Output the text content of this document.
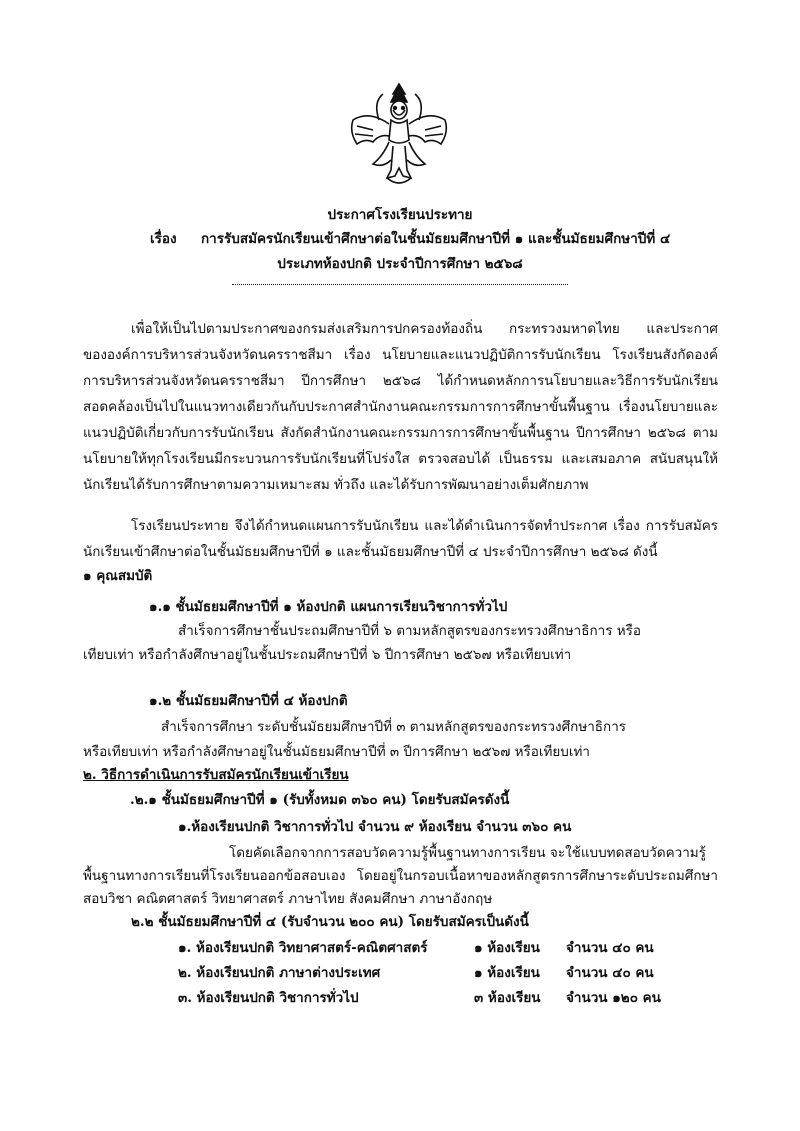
ประกาศโรงเรียนประทาย
เรื่อง การรับสมัครนักเรียนเข้าศึกษาต่อในชั้นมัธยมศึกษาปีที่ ๑ และชั้นมัธยมศึกษาปีที่ ๔
ประเภทห้องปกติ ประจำปีการศึกษา ๒๕๖๘
เพื่อให้เป็นไปตามประกาศของกรมส่งเสริมการปกครองท้องถิ่น กระทรวงมหาดไทย และประกาศ
ขององค์การบริหารส่วนจังหวัดนครราชสีมา เรื่อง นโยบายและแนวปฏิบัติการรับนักเรียน โรงเรียนสังกัดองค์
การบริหารส่วนจังหวัดนครราชสีมา ปีการศึกษา ๒๕๖๘ ได้กำหนดหลักการนโยบายและวิธีการรับนักเรียน
สอดคล้องเป็นไปในแนวทางเดียวกันกับประกาศสำนักงานคณะกรรมการการศึกษาขั้นพื้นฐาน เรื่องนโยบายและ
แนวปฏิบัติเกี่ยวกับการรับนักเรียน สังกัดสำนักงานคณะกรรมการการศึกษาขั้นพื้นฐาน ปีการศึกษา ๒๕๖๘ ตาม
นโยบายให้ทุกโรงเรียนมีกระบวนการรับนักเรียนที่โปร่งใส ตรวจสอบได้ เป็นธรรม และเสมอภาค สนับสนุนให้
นักเรียนได้รับการศึกษาตามความเหมาะสม ทั่วถึง และได้รับการพัฒนาอย่างเต็มศักยภาพ
โรงเรียนประทาย จึงได้กำหนดแผนการรับนักเรียน และได้ดำเนินการจัดทำประกาศ เรื่อง การรับสมัคร
นักเรียนเข้าศึกษาต่อในชั้นมัธยมศึกษาปีที่ ๑ และชั้นมัธยมศึกษาปีที่ ๔ ประจำปีการศึกษา ๒๕๖๘ ดังนี้
๑ คุณสมบัติ
๑.๑ ชั้นมัธยมศึกษาปีที่ ๑ ห้องปกติ แผนการเรียนวิชาการทั่วไป
สำเร็จการศึกษาชั้นประถมศึกษาปีที่ ๖ ตามหลักสูตรของกระทรวงศึกษาธิการ หรือ
เทียบเท่า หรือกำลังศึกษาอยู่ในชั้นประถมศึกษาปีที่ ๖ ปีการศึกษา ๒๕๖๗ หรือเทียบเท่า
๑.๒ ชั้นมัธยมศึกษาปีที่ ๔ ห้องปกติ
สำเร็จการศึกษา ระดับชั้นมัธยมศึกษาปีที่ ๓ ตามหลักสูตรของกระทรวงศึกษาธิการ
หรือเทียบเท่า หรือกำลังศึกษาอยู่ในชั้นมัธยมศึกษาปีที่ ๓ ปีการศึกษา ๒๕๖๗ หรือเทียบเท่า
๒. วิธีการดำเนินการรับสมัครนักเรียนเข้าเรียน
.๒.๑ ชั้นมัธยมศึกษาปีที่ ๑ (รับทั้งหมด ๓๖๐ คน) โดยรับสมัครดังนี้
๑.ห้องเรียนปกติ วิชาการทั่วไป จำนวน ๙ ห้องเรียน จำนวน ๓๖๐ คน
โดยคัดเลือกจากการสอบวัดความรู้พื้นฐานทางการเรียน จะใช้แบบทดสอบวัดความรู้
พื้นฐานทางการเรียนที่โรงเรียนออกข้อสอบเอง โดยอยู่ในกรอบเนื้อหาของหลักสูตรการศึกษาระดับประถมศึกษา
สอบวิชา คณิตศาสตร์ วิทยาศาสตร์ ภาษาไทย สังคมศึกษา ภาษาอังกฤษ
๒.๒ ชั้นมัธยมศึกษาปีที่ ๔ (รับจำนวน ๒๐๐ คน) โดยรับสมัครเป็นดังนี้
๑. ห้องเรียนปกติ วิทยาศาสตร์-คณิตศาสตร์	๑ ห้องเรียน จำนวน ๔๐ คน
๒. ห้องเรียนปกติ ภาษาต่างประเทศ	๑ ห้องเรียน จำนวน ๔๐ คน
๓. ห้องเรียนปกติ วิชาการทั่วไป	๓ ห้องเรียน จำนวน ๑๒๐ คน
